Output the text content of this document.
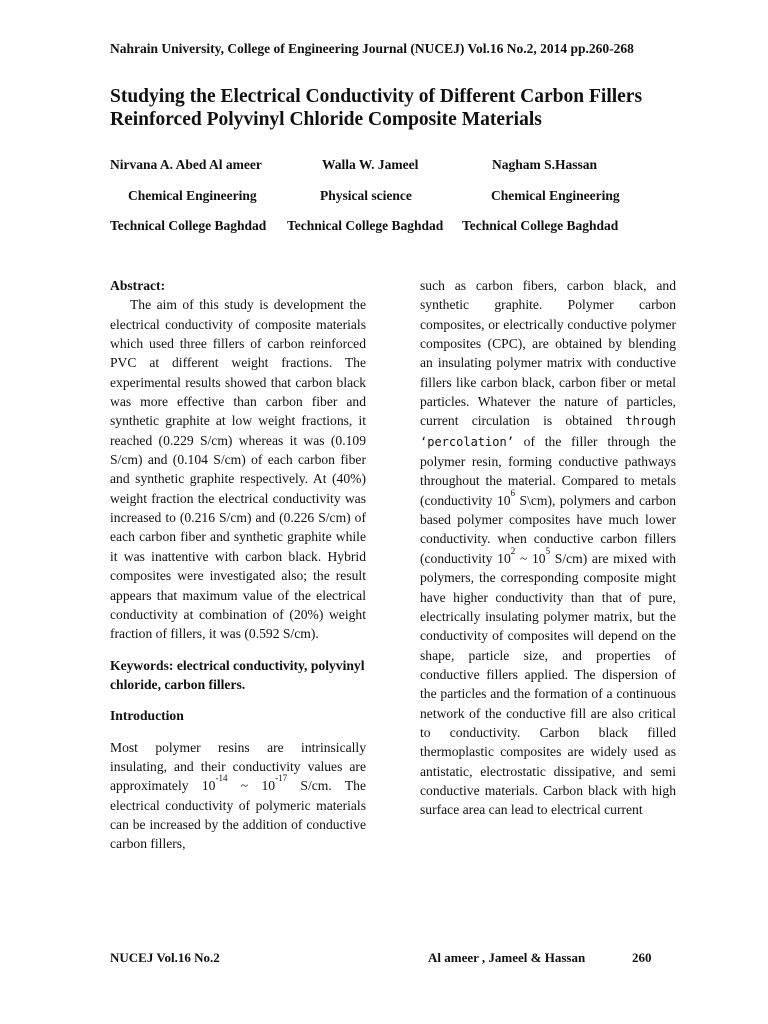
Nahrain University, College of Engineering Journal (NUCEJ) Vol.16 No.2, 2014 pp.260-268
Studying the Electrical Conductivity of Different Carbon Fillers
Reinforced Polyvinyl Chloride Composite Materials
Nirvana A. Abed Al ameer	Walla W. Jameel	Nagham S.Hassan
Chemical Engineering	Physical science	Chemical Engineering
Technical College Baghdad Technical College Baghdad Technical College Baghdad

Abstract:

The aim of this study is development the electrical conductivity of composite materials which used three fillers of carbon reinforced PVC at different weight fractions. The experimental results showed that carbon black was more effective than carbon fiber and synthetic graphite at low weight fractions, it reached (0.229 S/cm) whereas it was (0.109 S/cm) and (0.104 S/cm) of each carbon fiber and synthetic graphite respectively. At (40%) weight fraction the electrical conductivity was increased to (0.216 S/cm) and (0.226 S/cm) of each carbon fiber and synthetic graphite while it was inattentive with carbon black. Hybrid composites were investigated also; the result appears that maximum value of the electrical conductivity at combination of (20%) weight fraction of fillers, it was (0.592 S/cm).

Keywords: electrical conductivity, polyvinyl chloride, carbon fillers.

Introduction

Most polymer resins are intrinsically insulating, and their conductivity values are approximately $10^{-14}$ ~ $10^{-17}$ S/cm. The electrical conductivity of polymeric materials can be increased by the addition of conductive carbon fillers,

such as carbon fibers, carbon black, and synthetic graphite. Polymer carbon composites, or electrically conductive polymer composites (CPC), are obtained by blending an insulating polymer matrix with conductive fillers like carbon black, carbon fiber or metal particles. Whatever the nature of particles, current circulation is obtained through ‘percolation’ of the filler through the polymer resin, forming conductive pathways throughout the material. Compared to metals (conductivity $10^6$ S\cm), polymers and carbon based polymer composites have much lower conductivity. when conductive carbon fillers (conductivity $10^2$ ~ $10^5$ S/cm) are mixed with polymers, the corresponding composite might have higher conductivity than that of pure, electrically insulating polymer matrix, but the conductivity of composites will depend on the shape, particle size, and properties of conductive fillers applied. The dispersion of the particles and the formation of a continuous network of the conductive fill are also critical to conductivity. Carbon black filled thermoplastic composites are widely used as antistatic, electrostatic dissipative, and semi conductive materials. Carbon black with high surface area can lead to electrical current

NUCEJ Vol.16 No.2	Al ameer , Jameel & Hassan	260
